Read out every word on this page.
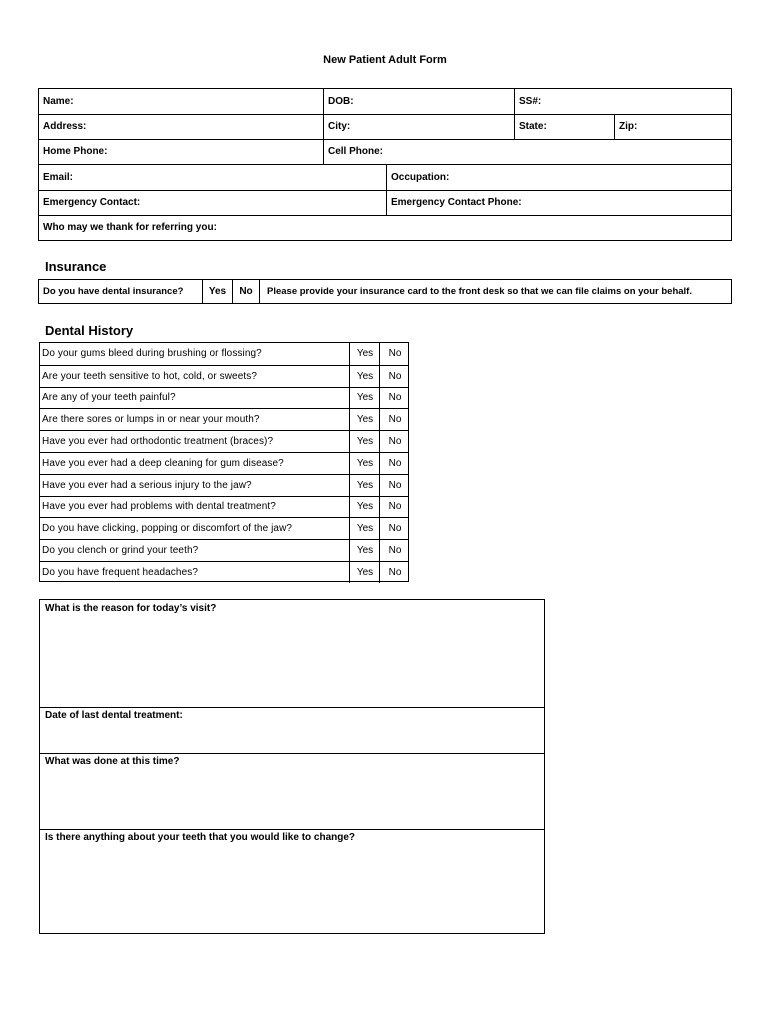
New Patient Adult Form
Name:	DOB:	SS#:
Address:	City:	State:	Zip:
Home Phone:	Cell Phone:
Email:	Occupation:
Emergency Contact:	Emergency Contact Phone:
Who may we thank for referring you:
Insurance
Do you have dental insurance?	Yes	No	Please provide your insurance card to the front desk so that we can file claims on your behalf.
Dental History
Do your gums bleed during brushing or flossing?	Yes	No
Are your teeth sensitive to hot, cold, or sweets?	Yes	No
Are any of your teeth painful?	Yes	No
Are there sores or lumps in or near your mouth?	Yes	No
Have you ever had orthodontic treatment (braces)?	Yes	No
Have you ever had a deep cleaning for gum disease?	Yes	No
Have you ever had a serious injury to the jaw?	Yes	No
Have you ever had problems with dental treatment?	Yes	No
Do you have clicking, popping or discomfort of the jaw?	Yes	No
Do you clench or grind your teeth?	Yes	No
Do you have frequent headaches?	Yes	No
What is the reason for today’s visit?
Date of last dental treatment:
What was done at this time?
Is there anything about your teeth that you would like to change?
